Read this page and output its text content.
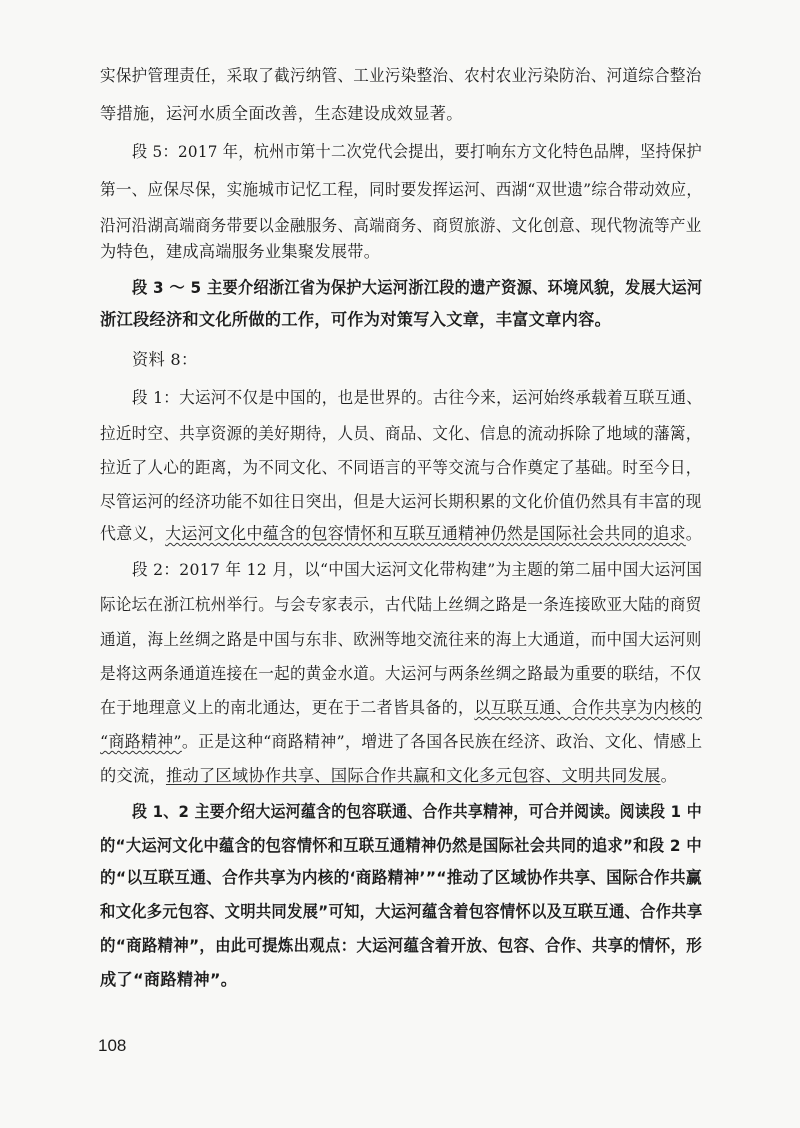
实保护管理责任，采取了截污纳管、工业污染整治、农村农业污染防治、河道综合整治
等措施，运河水质全面改善，生态建设成效显著。
段 5：2017 年，杭州市第十二次党代会提出，要打响东方文化特色品牌，坚持保护
第一、应保尽保，实施城市记忆工程，同时要发挥运河、西湖“双世遗”综合带动效应，
沿河沿湖高端商务带要以金融服务、高端商务、商贸旅游、文化创意、现代物流等产业
为特色，建成高端服务业集聚发展带。
段 3 ～ 5 主要介绍浙江省为保护大运河浙江段的遗产资源、环境风貌，发展大运河
浙江段经济和文化所做的工作，可作为对策写入文章，丰富文章内容。
资料 8：
段 1：大运河不仅是中国的，也是世界的。古往今来，运河始终承载着互联互通、
拉近时空、共享资源的美好期待，人员、商品、文化、信息的流动拆除了地域的藩篱，
拉近了人心的距离，为不同文化、不同语言的平等交流与合作奠定了基础。时至今日，
尽管运河的经济功能不如往日突出，但是大运河长期积累的文化价值仍然具有丰富的现
代意义，大运河文化中蕴含的包容情怀和互联互通精神仍然是国际社会共同的追求。
段 2：2017 年 12 月，以“中国大运河文化带构建”为主题的第二届中国大运河国
际论坛在浙江杭州举行。与会专家表示，古代陆上丝绸之路是一条连接欧亚大陆的商贸
通道，海上丝绸之路是中国与东非、欧洲等地交流往来的海上大通道，而中国大运河则
是将这两条通道连接在一起的黄金水道。大运河与两条丝绸之路最为重要的联结，不仅
在于地理意义上的南北通达，更在于二者皆具备的，以互联互通、合作共享为内核的
“商路精神”。正是这种“商路精神”，增进了各国各民族在经济、政治、文化、情感上
的交流，推动了区域协作共享、国际合作共赢和文化多元包容、文明共同发展。
段 1、2 主要介绍大运河蕴含的包容联通、合作共享精神，可合并阅读。阅读段 1 中
的“大运河文化中蕴含的包容情怀和互联互通精神仍然是国际社会共同的追求”和段 2 中
的“以互联互通、合作共享为内核的‘商路精神’”“推动了区域协作共享、国际合作共赢
和文化多元包容、文明共同发展”可知，大运河蕴含着包容情怀以及互联互通、合作共享
的“商路精神”，由此可提炼出观点：大运河蕴含着开放、包容、合作、共享的情怀，形
成了“商路精神”。
108
